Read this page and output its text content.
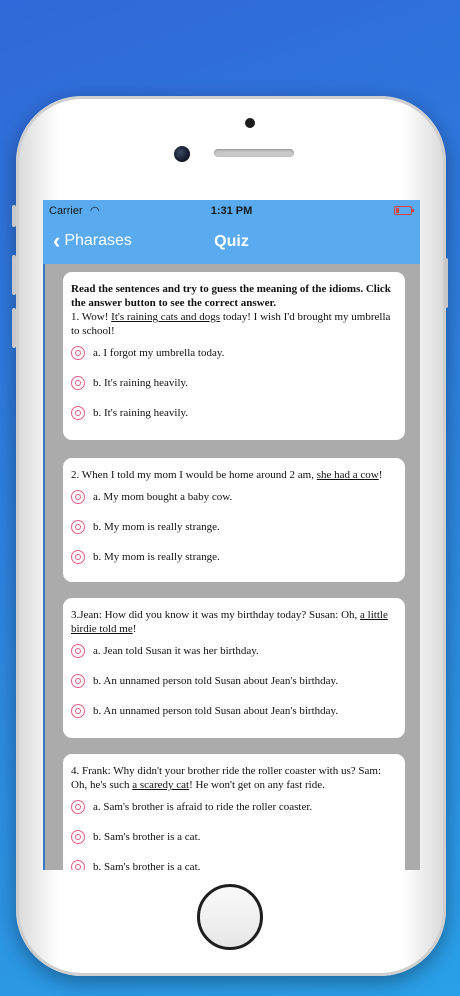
Carrier ◠	1:31 PM
‹ Pharases	Quiz
Read the sentences and try to guess the meaning of the idioms. Click the answer button to see the correct answer.
1. Wow! It's raining cats and dogs today! I wish I'd brought my umbrella to school!
a. I forgot my umbrella today.
b. It's raining heavily.
b. It's raining heavily.
2. When I told my mom I would be home around 2 am, she had a cow!
a. My mom bought a baby cow.
b. My mom is really strange.
b. My mom is really strange.
3.Jean: How did you know it was my birthday today? Susan: Oh, a little birdie told me!
a. Jean told Susan it was her birthday.
b. An unnamed person told Susan about Jean's birthday.
b. An unnamed person told Susan about Jean's birthday.
4. Frank: Why didn't your brother ride the roller coaster with us? Sam: Oh, he's such a scaredy cat! He won't get on any fast ride.
a. Sam's brother is afraid to ride the roller coaster.
b. Sam's brother is a cat.
b. Sam's brother is a cat.
